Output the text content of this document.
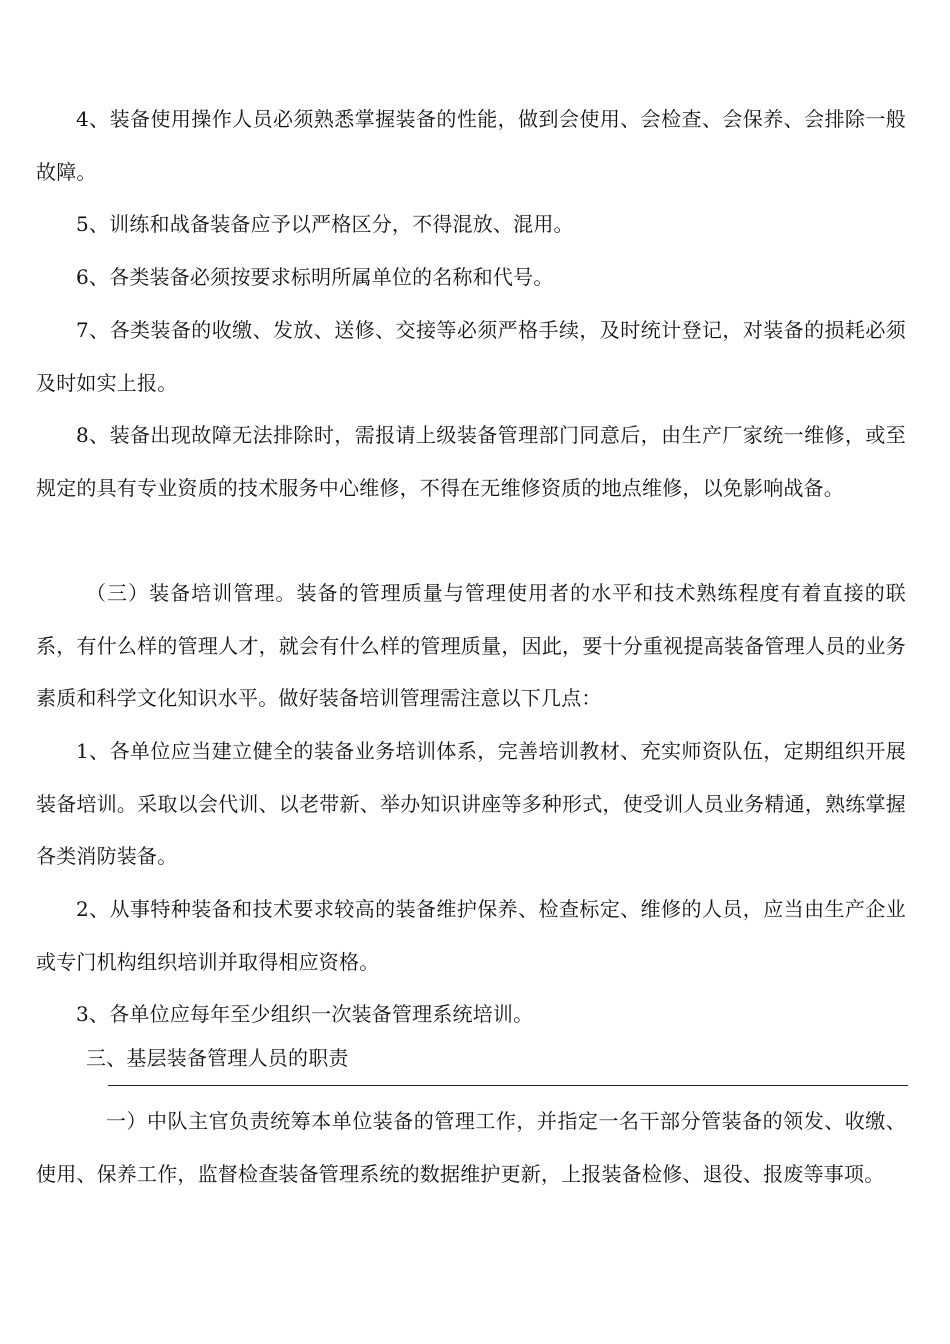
4、装备使用操作人员必须熟悉掌握装备的性能，做到会使用、会检查、会保养、会排除一般故障。

5、训练和战备装备应予以严格区分，不得混放、混用。

6、各类装备必须按要求标明所属单位的名称和代号。

7、各类装备的收缴、发放、送修、交接等必须严格手续，及时统计登记，对装备的损耗必须及时如实上报。

8、装备出现故障无法排除时，需报请上级装备管理部门同意后，由生产厂家统一维修，或至规定的具有专业资质的技术服务中心维修，不得在无维修资质的地点维修，以免影响战备。

（三）装备培训管理。装备的管理质量与管理使用者的水平和技术熟练程度有着直接的联系，有什么样的管理人才，就会有什么样的管理质量，因此，要十分重视提高装备管理人员的业务素质和科学文化知识水平。做好装备培训管理需注意以下几点：

1、各单位应当建立健全的装备业务培训体系，完善培训教材、充实师资队伍，定期组织开展装备培训。采取以会代训、以老带新、举办知识讲座等多种形式，使受训人员业务精通，熟练掌握各类消防装备。

2、从事特种装备和技术要求较高的装备维护保养、检查标定、维修的人员，应当由生产企业或专门机构组织培训并取得相应资格。

3、各单位应每年至少组织一次装备管理系统培训。

三、基层装备管理人员的职责

一）中队主官负责统筹本单位装备的管理工作，并指定一名干部分管装备的领发、收缴、使用、保养工作，监督检查装备管理系统的数据维护更新，上报装备检修、退役、报废等事项。
